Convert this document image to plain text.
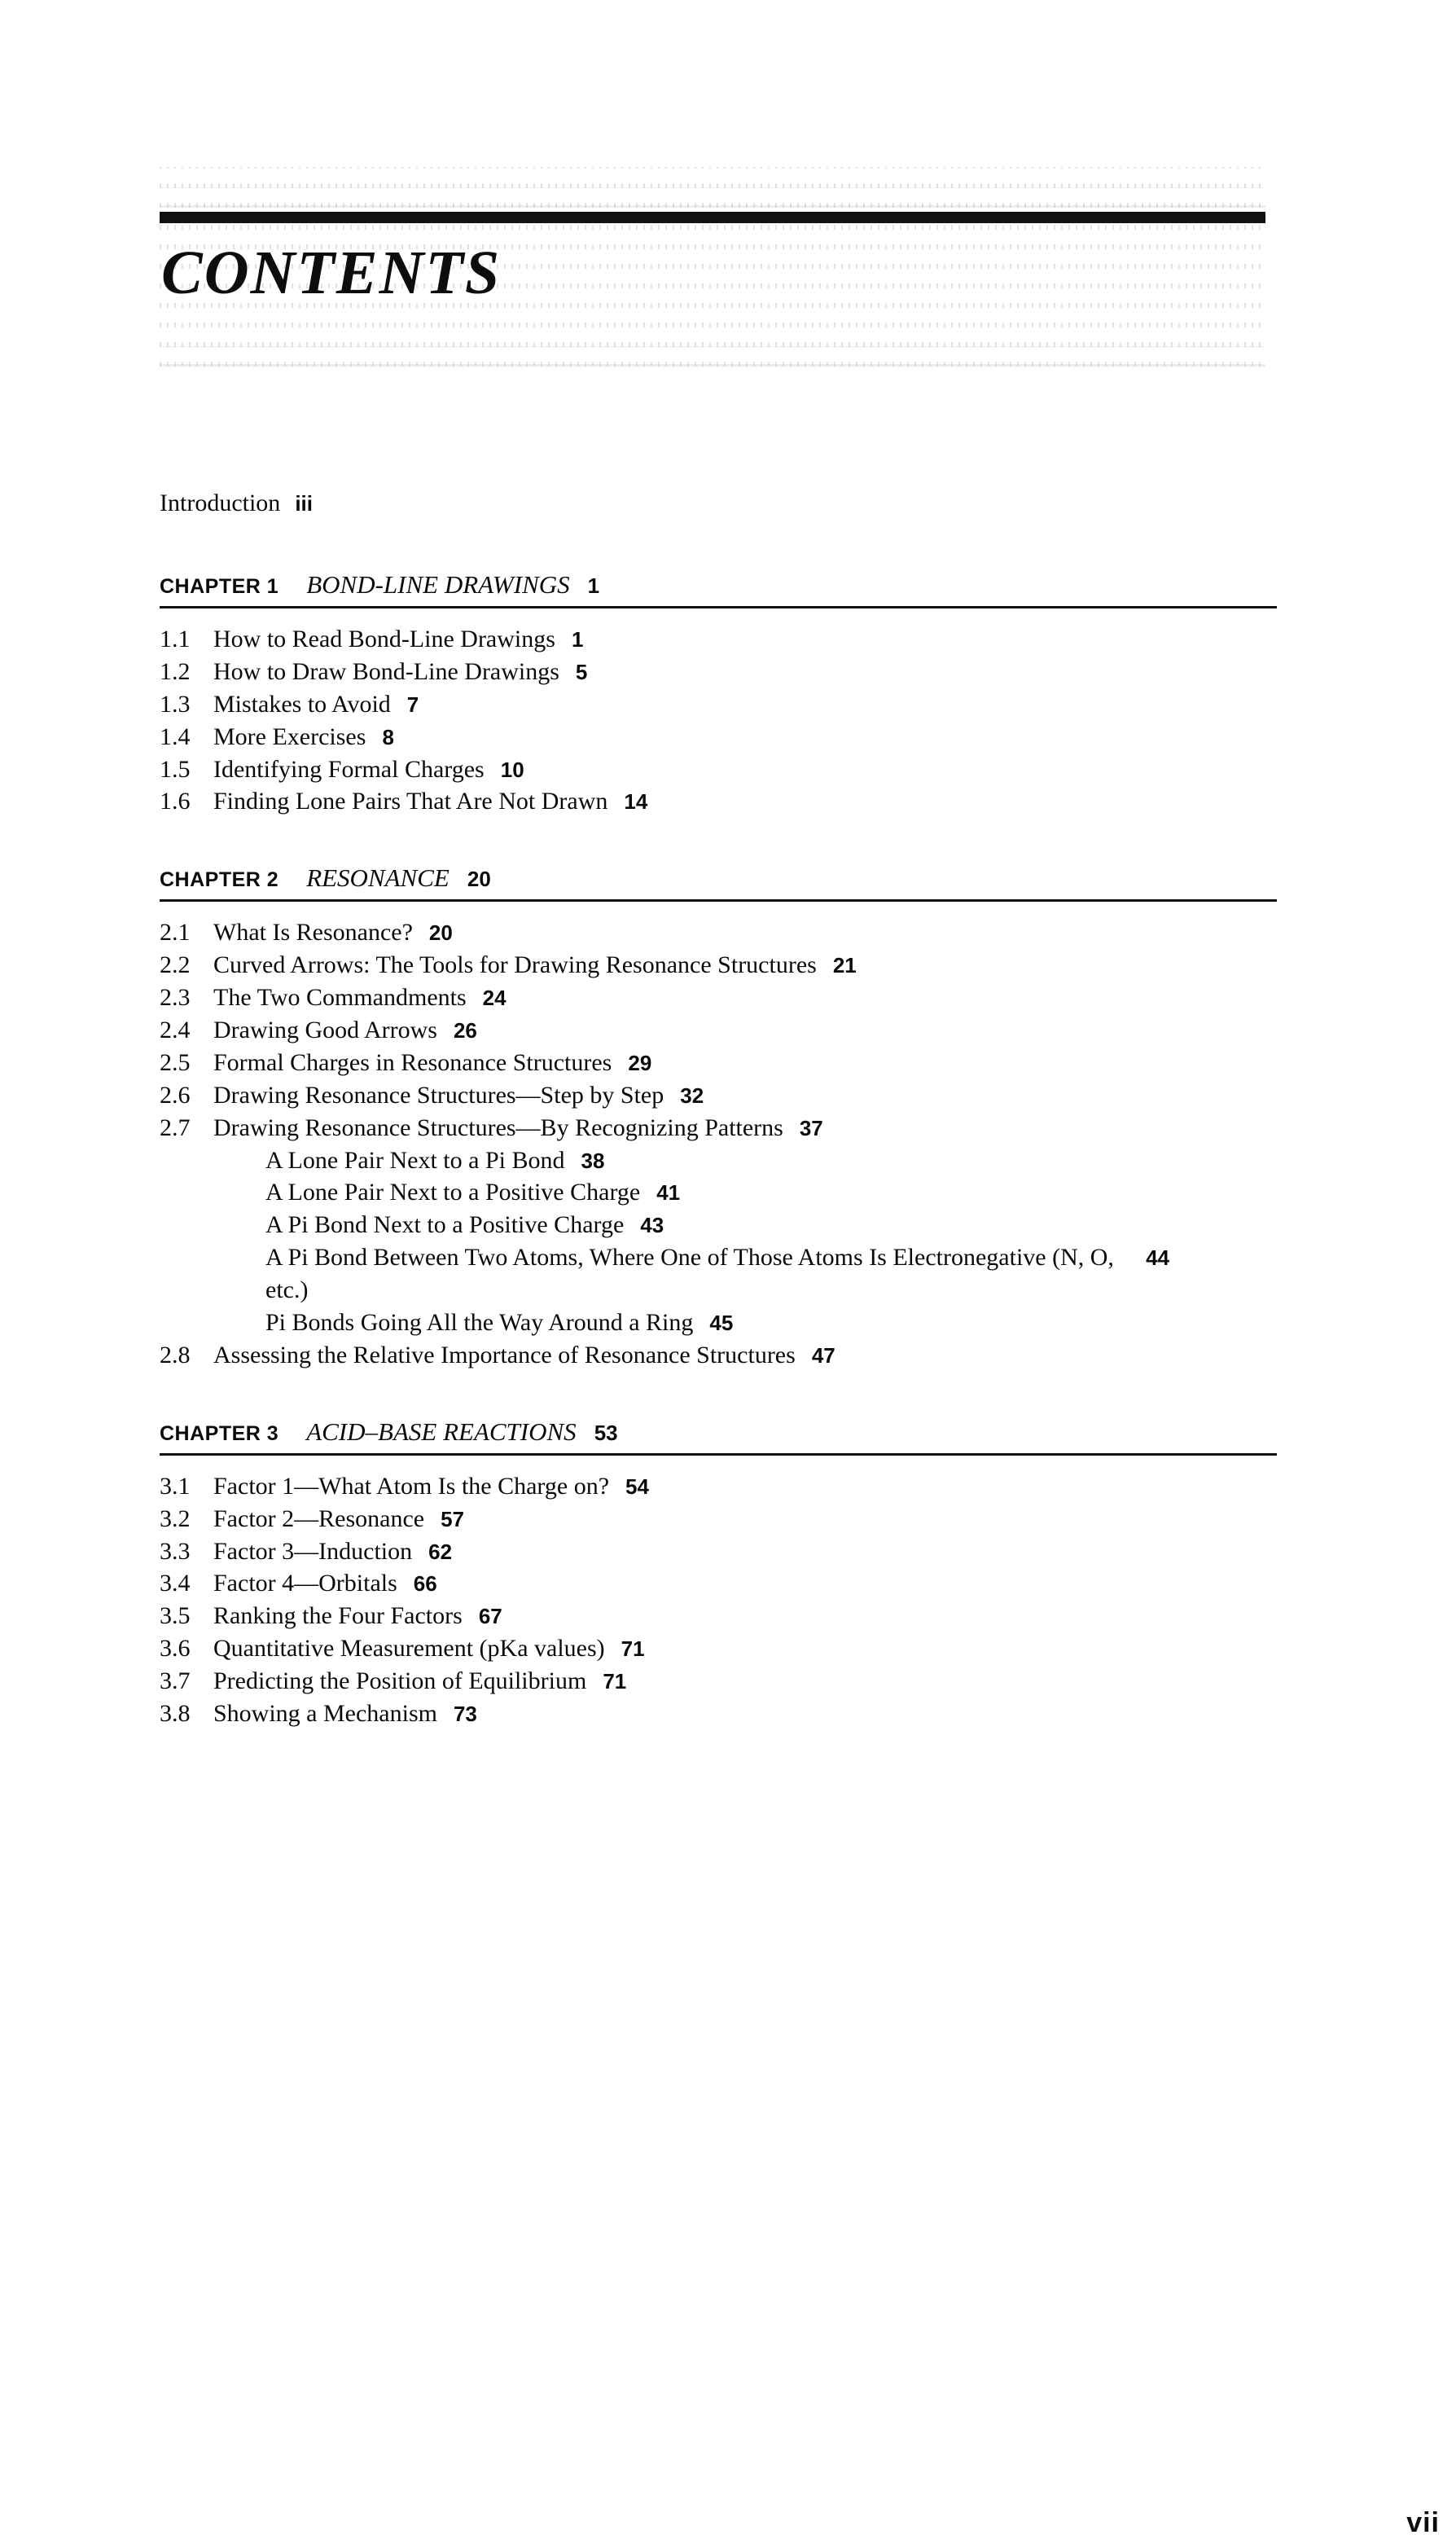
CONTENTS
Introduction iii
CHAPTER 1 BOND-LINE DRAWINGS 1
1.1 How to Read Bond-Line Drawings 1
1.2 How to Draw Bond-Line Drawings 5
1.3 Mistakes to Avoid 7
1.4 More Exercises 8
1.5 Identifying Formal Charges 10
1.6 Finding Lone Pairs That Are Not Drawn 14
CHAPTER 2 RESONANCE 20
2.1 What Is Resonance? 20
2.2 Curved Arrows: The Tools for Drawing Resonance Structures 21
2.3 The Two Commandments 24
2.4 Drawing Good Arrows 26
2.5 Formal Charges in Resonance Structures 29
2.6 Drawing Resonance Structures—Step by Step 32
2.7 Drawing Resonance Structures—By Recognizing Patterns 37
A Lone Pair Next to a Pi Bond 38
A Lone Pair Next to a Positive Charge 41
A Pi Bond Next to a Positive Charge 43
A Pi Bond Between Two Atoms, Where One of Those Atoms Is Electronegative (N, O, etc.)
44
Pi Bonds Going All the Way Around a Ring 45
2.8 Assessing the Relative Importance of Resonance Structures 47
CHAPTER 3 ACID–BASE REACTIONS 53
3.1 Factor 1—What Atom Is the Charge on? 54
3.2 Factor 2—Resonance 57
3.3 Factor 3—Induction 62
3.4 Factor 4—Orbitals 66
3.5 Ranking the Four Factors 67
3.6 Quantitative Measurement (pKa values) 71
3.7 Predicting the Position of Equilibrium 71
3.8 Showing a Mechanism 73
vii
